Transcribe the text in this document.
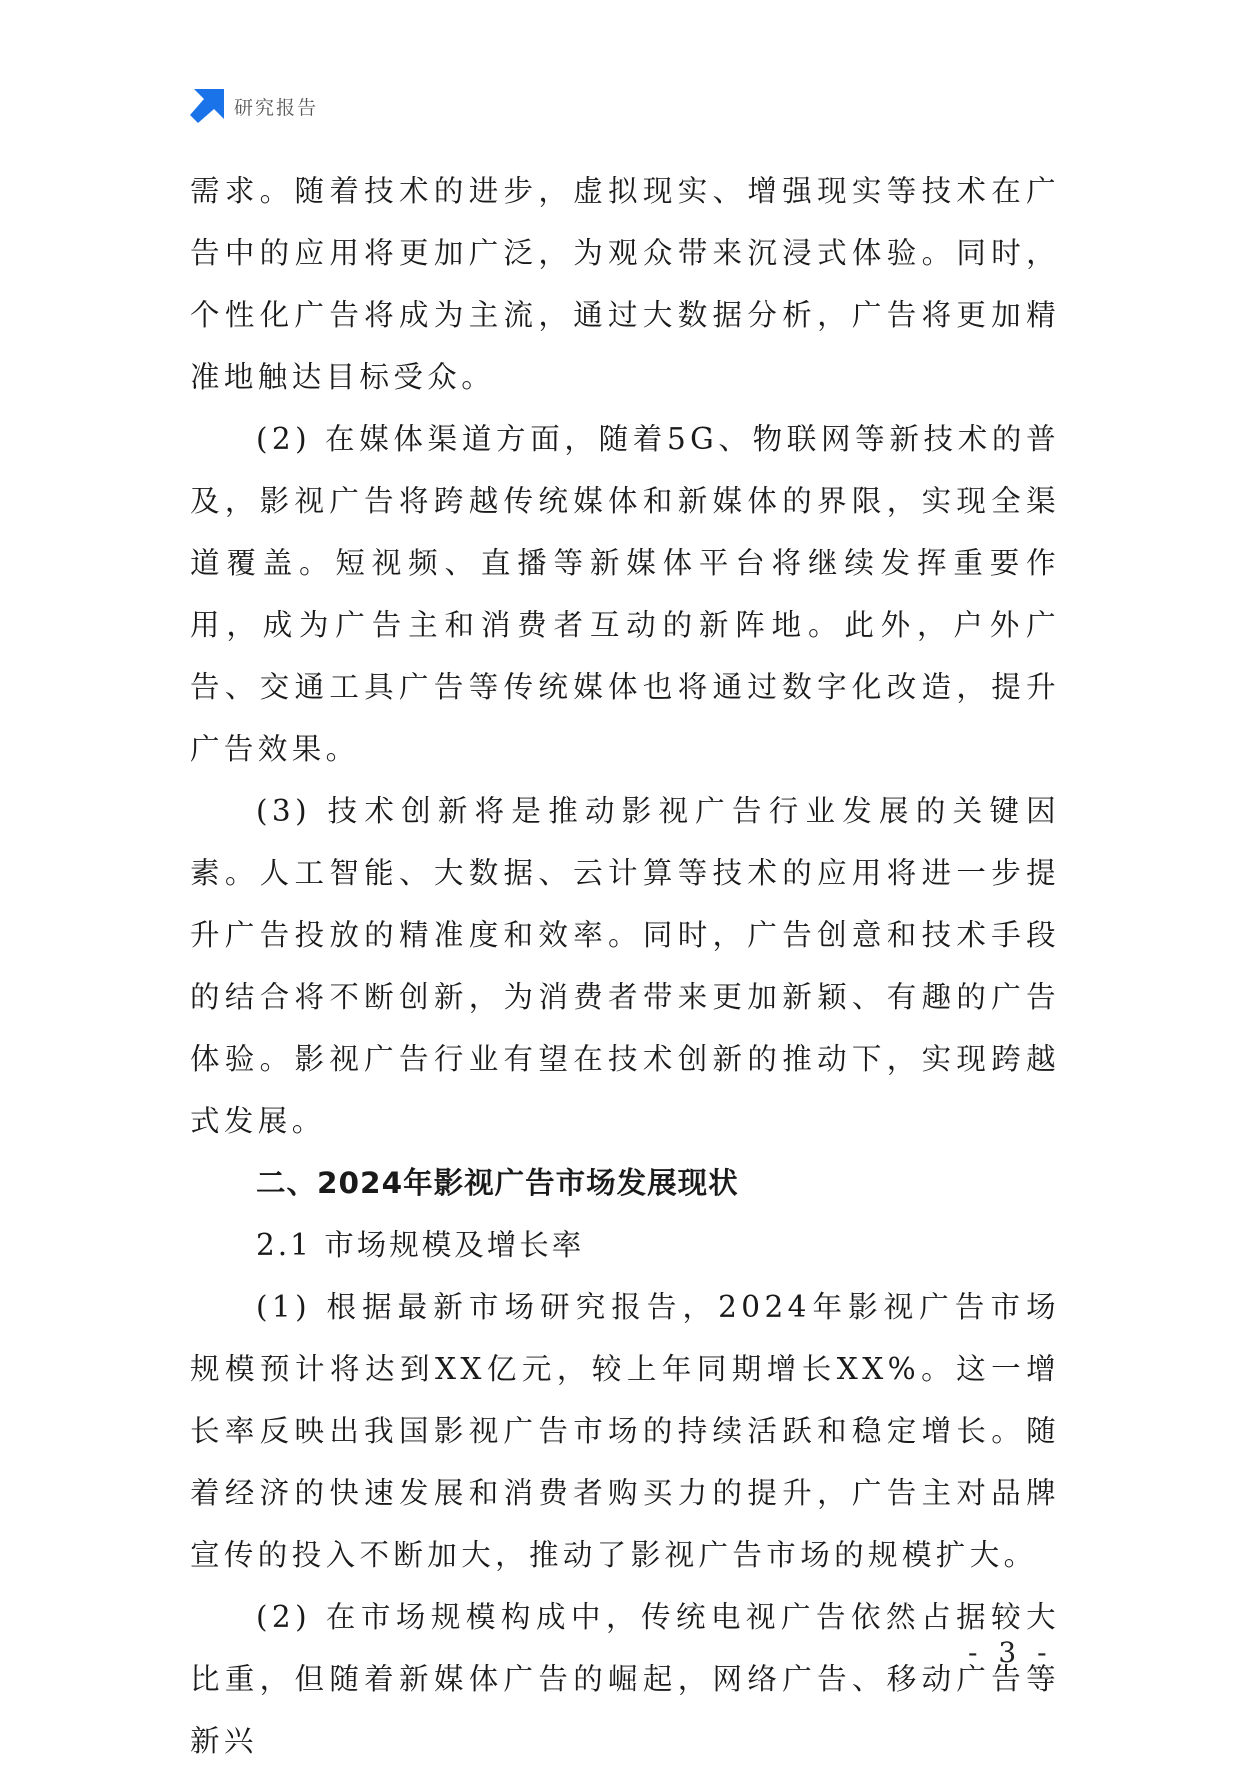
研究报告

需求。随着技术的进步，虚拟现实、增强现实等技术在广告中的应用将更加广泛，为观众带来沉浸式体验。同时，个性化广告将成为主流，通过大数据分析，广告将更加精准地触达目标受众。

(2) 在媒体渠道方面，随着5G、物联网等新技术的普及，影视广告将跨越传统媒体和新媒体的界限，实现全渠道覆盖。短视频、直播等新媒体平台将继续发挥重要作用，成为广告主和消费者互动的新阵地。此外，户外广告、交通工具广告等传统媒体也将通过数字化改造，提升广告效果。

(3) 技术创新将是推动影视广告行业发展的关键因素。人工智能、大数据、云计算等技术的应用将进一步提升广告投放的精准度和效率。同时，广告创意和技术手段的结合将不断创新，为消费者带来更加新颖、有趣的广告体验。影视广告行业有望在技术创新的推动下，实现跨越式发展。

二、2024年影视广告市场发展现状

2.1 市场规模及增长率

(1) 根据最新市场研究报告，2024年影视广告市场规模预计将达到XX亿元，较上年同期增长XX%。这一增长率反映出我国影视广告市场的持续活跃和稳定增长。随着经济的快速发展和消费者购买力的提升，广告主对品牌宣传的投入不断加大，推动了影视广告市场的规模扩大。

(2) 在市场规模构成中，传统电视广告依然占据较大比重，但随着新媒体广告的崛起，网络广告、移动广告等新兴

- 3 -
